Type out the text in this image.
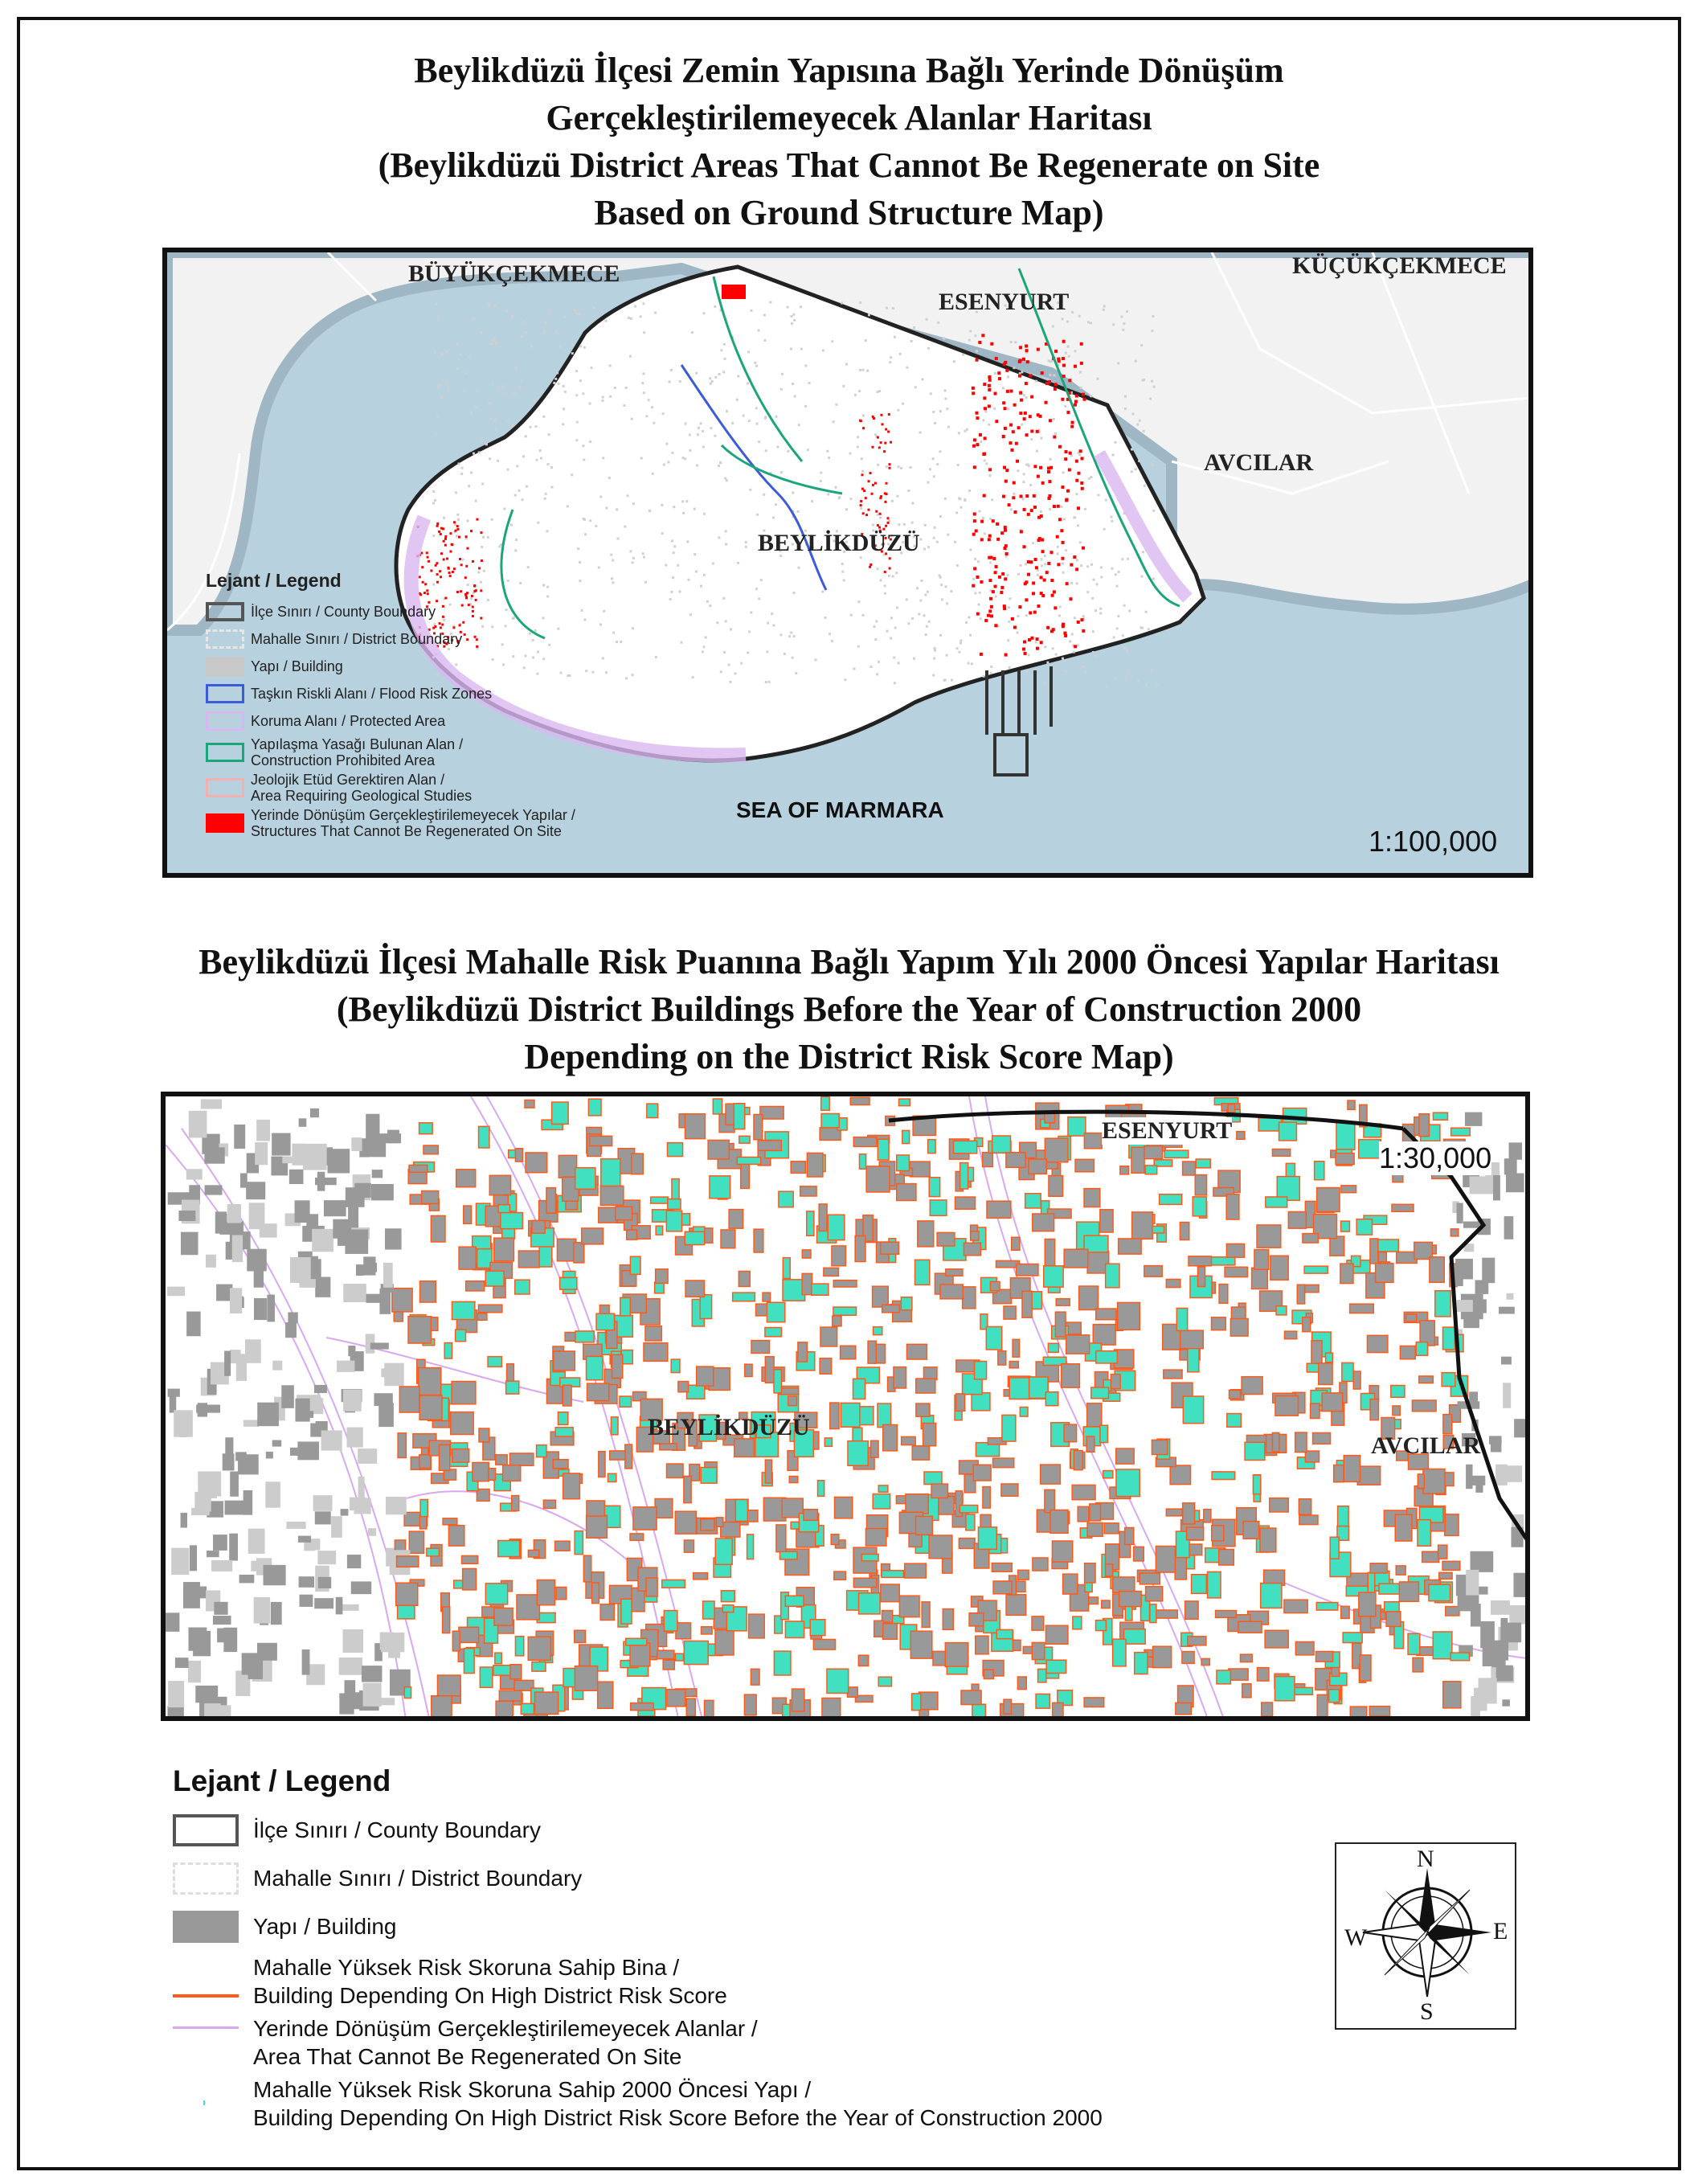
Beylikdüzü İlçesi Zemin Yapısına Bağlı Yerinde Dönüşüm
Gerçekleştirilemeyecek Alanlar Haritası
(Beylikdüzü District Areas That Cannot Be Regenerate on Site
Based on Ground Structure Map)
BÜYÜKÇEKMECE
ESENYURT
KÜÇÜKÇEKMECE
AVCILAR
BEYLİKDÜZÜ
SEA OF MARMARA
1:100,000
Lejant / Legend
İlçe Sınırı / County Boundary
Mahalle Sınırı / District Boundary
Yapı / Building
Taşkın Riskli Alanı / Flood Risk Zones
Koruma Alanı / Protected Area
Yapılaşma Yasağı Bulunan Alan /
Construction Prohibited Area
Jeolojik Etüd Gerektiren Alan /
Area Requiring Geological Studies
Yerinde Dönüşüm Gerçekleştirilemeyecek Yapılar /
Structures That Cannot Be Regenerated On Site
Beylikdüzü İlçesi Mahalle Risk Puanına Bağlı Yapım Yılı 2000 Öncesi Yapılar Haritası
(Beylikdüzü District Buildings Before the Year of Construction 2000
Depending on the District Risk Score Map)
ESENYURT
BEYLİKDÜZÜ
AVCILAR
1:30,000
Lejant / Legend
İlçe Sınırı / County Boundary
Mahalle Sınırı / District Boundary
Yapı / Building
Mahalle Yüksek Risk Skoruna Sahip Bina /
Building Depending On High District Risk Score
Yerinde Dönüşüm Gerçekleştirilemeyecek Alanlar /
Area That Cannot Be Regenerated On Site
Mahalle Yüksek Risk Skoruna Sahip 2000 Öncesi Yapı /
Building Depending On High District Risk Score Before the Year of Construction 2000
N
E
S
W
